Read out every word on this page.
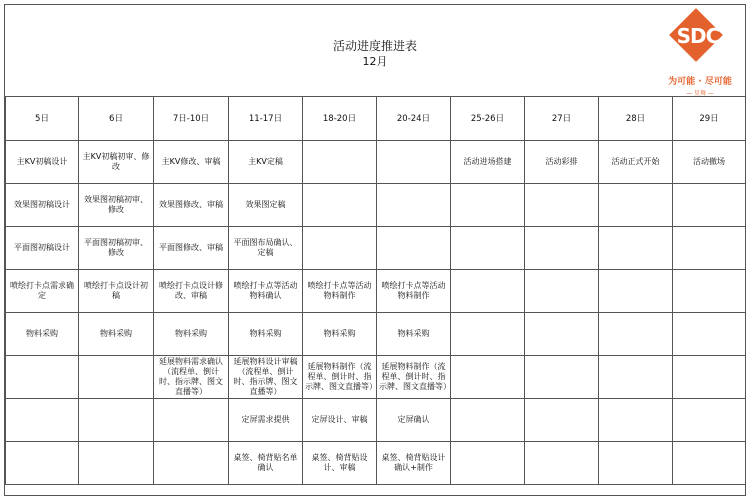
活动进度推进表
12月
SDC
为可能 · 尽可能
— 星舞 —
5日	6日	7日-10日	11-17日	18-20日	20-24日	25-26日	27日	28日	29日
主KV初稿设计	主KV初稿初审、修改	主KV修改、审稿	主KV定稿			活动进场搭建	活动彩排	活动正式开始	活动撤场
效果图初稿设计	效果图初稿初审、修改	效果图修改、审稿	效果图定稿						
平面图初稿设计	平面图初稿初审、修改	平面图修改、审稿	平面图布局确认、定稿						
喷绘打卡点需求确定	喷绘打卡点设计初稿	喷绘打卡点设计修改、审稿	喷绘打卡点等活动物料确认	喷绘打卡点等活动物料制作	喷绘打卡点等活动物料制作				
物料采购	物料采购	物料采购	物料采购	物料采购	物料采购				
		延展物料需求确认（流程单、倒计时、指示牌、图文直播等）	延展物料设计审稿（流程单、倒计时、指示牌、图文直播等）	延展物料制作（流程单、倒计时、指示牌、图文直播等）	延展物料制作（流程单、倒计时、指示牌、图文直播等）				
			定屏需求提供	定屏设计、审稿	定屏确认				
			桌签、椅背贴名单确认	桌签、椅背贴设计、审稿	桌签、椅背贴设计确认+制作				
